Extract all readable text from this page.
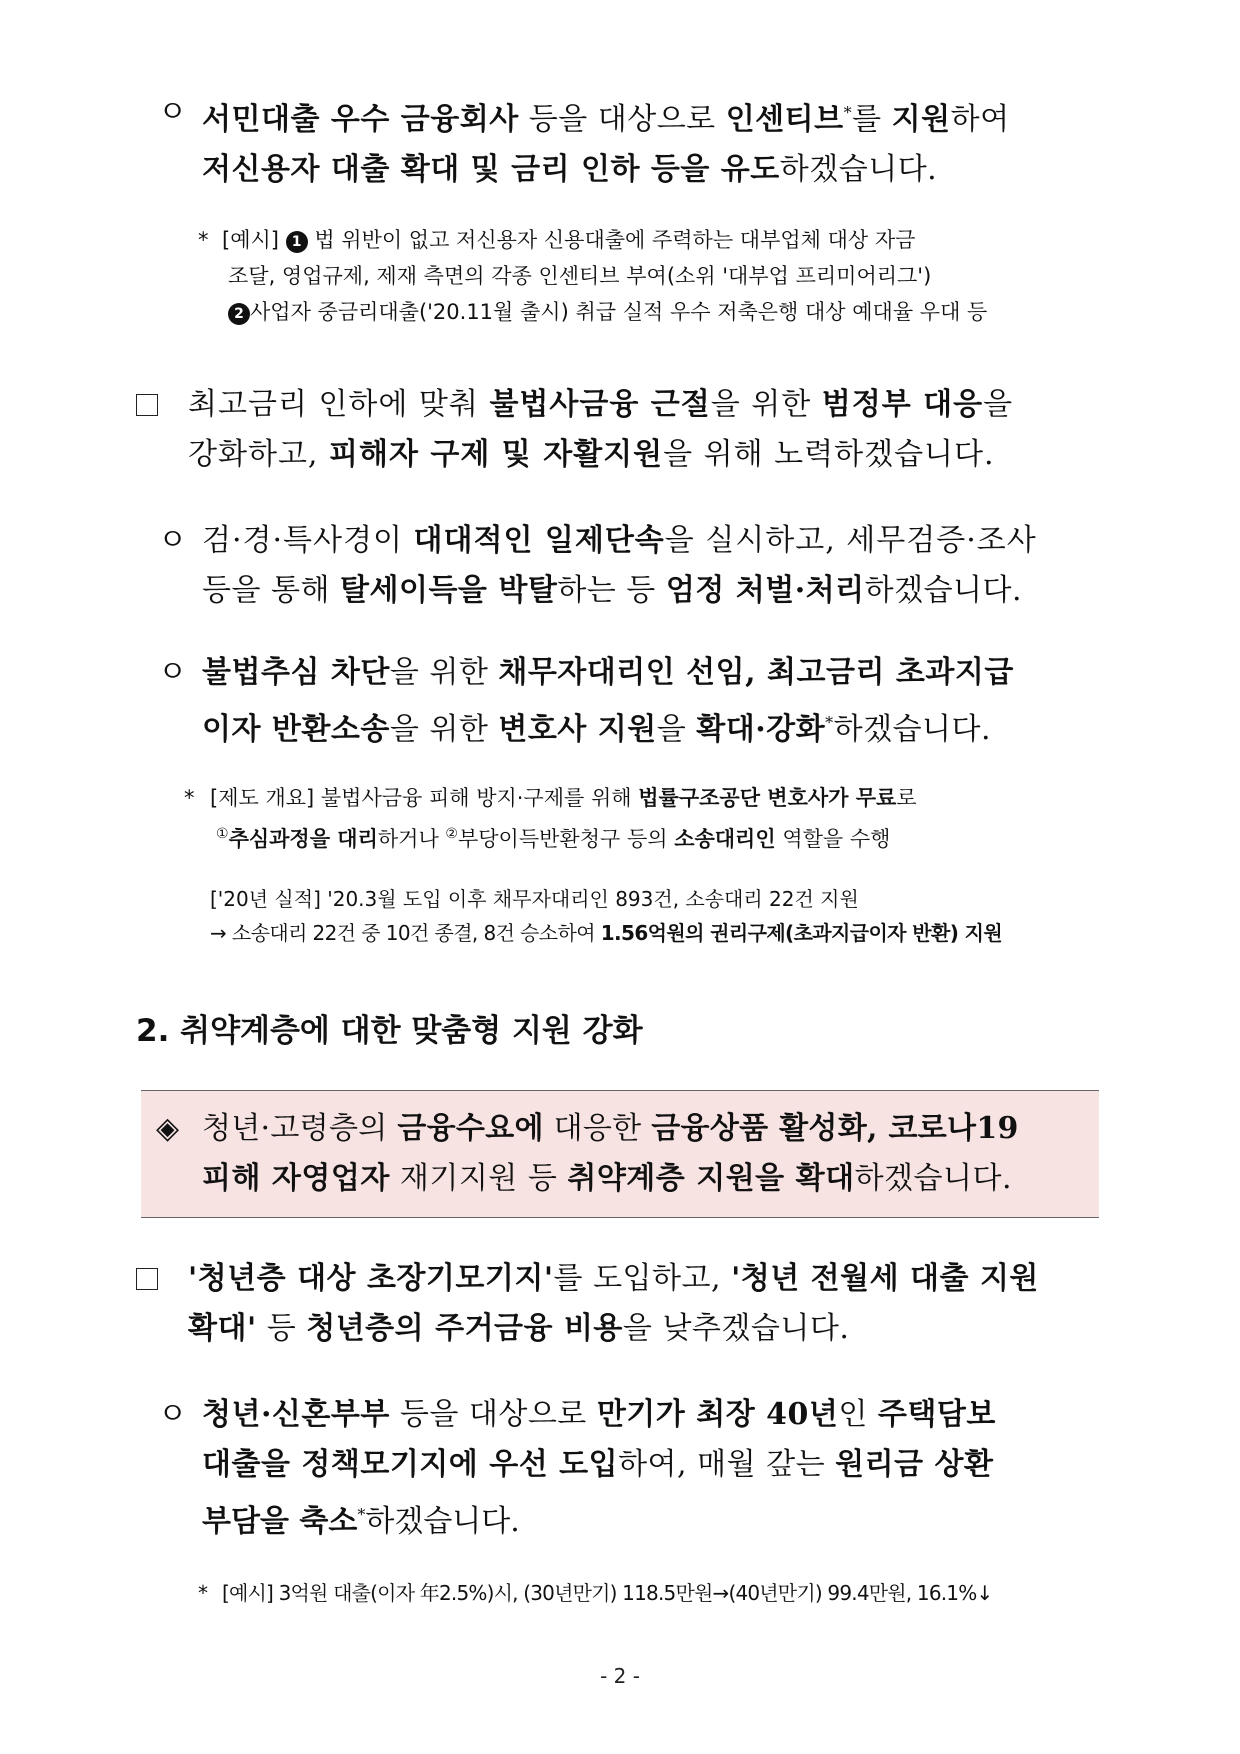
ㅇ 서민대출 우수 금융회사 등을 대상으로 인센티브*를 지원하여
저신용자 대출 확대 및 금리 인하 등을 유도하겠습니다.
* [예시] 1 법 위반이 없고 저신용자 신용대출에 주력하는 대부업체 대상 자금
조달, 영업규제, 제재 측면의 각종 인센티브 부여(소위 '대부업 프리미어리그')
2 사업자 중금리대출('20.11월 출시) 취급 실적 우수 저축은행 대상 예대율 우대 등
최고금리 인하에 맞춰 불법사금융 근절을 위한 범정부 대응을
강화하고, 피해자 구제 및 자활지원을 위해 노력하겠습니다.
ㅇ 검·경·특사경이 대대적인 일제단속을 실시하고, 세무검증·조사
등을 통해 탈세이득을 박탈하는 등 엄정 처벌·처리하겠습니다.
ㅇ 불법추심 차단을 위한 채무자대리인 선임, 최고금리 초과지급
이자 반환소송을 위한 변호사 지원을 확대·강화*하겠습니다.
* [제도 개요] 불법사금융 피해 방지·구제를 위해 법률구조공단 변호사가 무료로
①추심과정을 대리하거나 ②부당이득반환청구 등의 소송대리인 역할을 수행
['20년 실적] '20.3월 도입 이후 채무자대리인 893건, 소송대리 22건 지원
→ 소송대리 22건 중 10건 종결, 8건 승소하여 1.56억원의 권리구제(초과지급이자 반환) 지원
2. 취약계층에 대한 맞춤형 지원 강화
◈ 청년·고령층의 금융수요에 대응한 금융상품 활성화, 코로나19
피해 자영업자 재기지원 등 취약계층 지원을 확대하겠습니다.
'청년층 대상 초장기모기지'를 도입하고, '청년 전월세 대출 지원
확대' 등 청년층의 주거금융 비용을 낮추겠습니다.
ㅇ 청년·신혼부부 등을 대상으로 만기가 최장 40년인 주택담보
대출을 정책모기지에 우선 도입하여, 매월 갚는 원리금 상환
부담을 축소*하겠습니다.
* [예시] 3억원 대출(이자 年2.5%)시, (30년만기) 118.5만원→(40년만기) 99.4만원, 16.1%↓
- 2 -
